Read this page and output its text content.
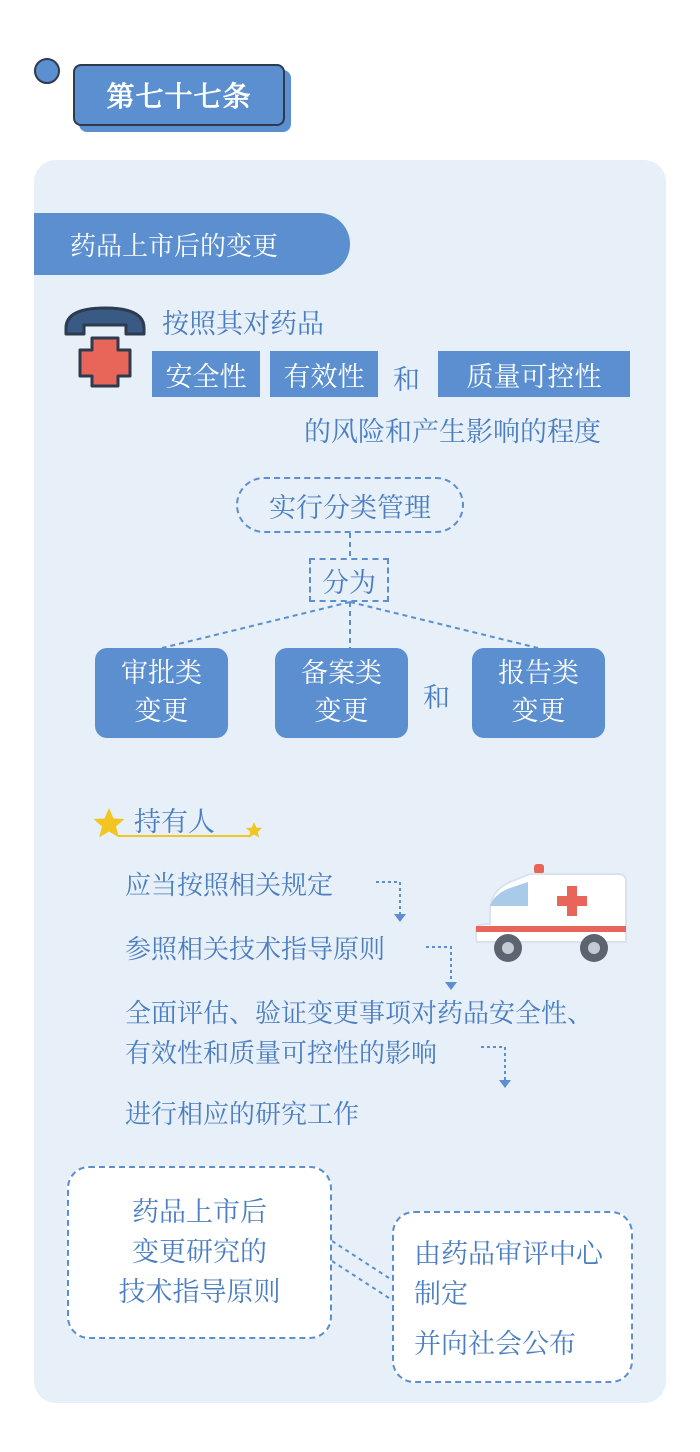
第七十七条
药品上市后的变更
按照其对药品
安全性	有效性	和	质量可控性
的风险和产生影响的程度
实行分类管理
分为
审批类
变更
备案类
变更 和
报告类
变更
持有人
应当按照相关规定
参照相关技术指导原则
全面评估、验证变更事项对药品安全性、
有效性和质量可控性的影响
进行相应的研究工作
药品上市后
变更研究的
技术指导原则
由药品审评中心
制定
并向社会公布
